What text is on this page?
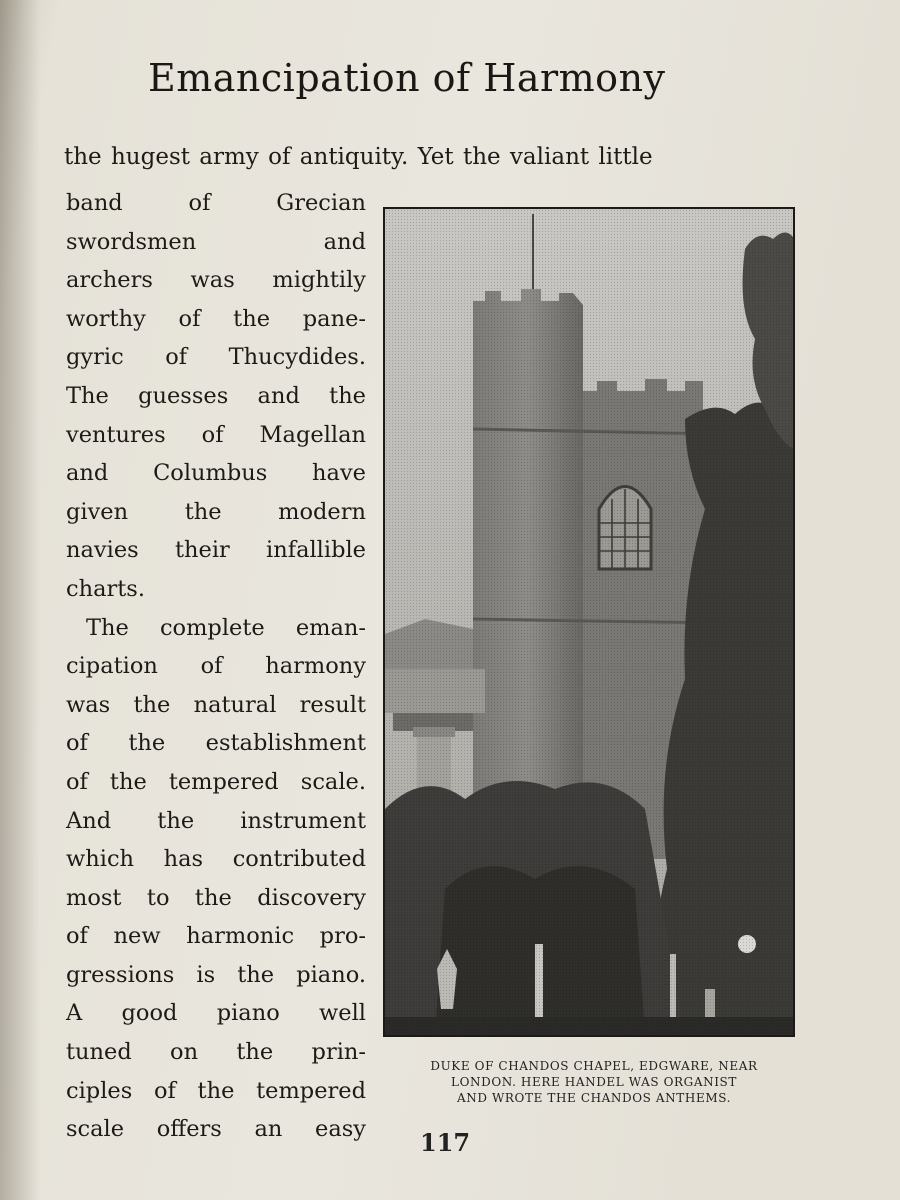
Emancipation of Harmony
the hugest army of antiquity. Yet the valiant little
band of Grecian
swordsmen and
archers was mightily
worthy of the pane-
gyric of Thucydides.
The guesses and the
ventures of Magellan
and Columbus have
given the modern
navies their infallible
charts.
The complete eman-
cipation of harmony
was the natural result
of the establishment
of the tempered scale.
And the instrument
which has contributed
most to the discovery
of new harmonic pro-
gressions is the piano.
A good piano well
tuned on the prin-
ciples of the tempered
scale offers an easy
DUKE OF CHANDOS CHAPEL, EDGWARE, NEAR
LONDON. HERE HANDEL WAS ORGANIST
AND WROTE THE CHANDOS ANTHEMS.
117
